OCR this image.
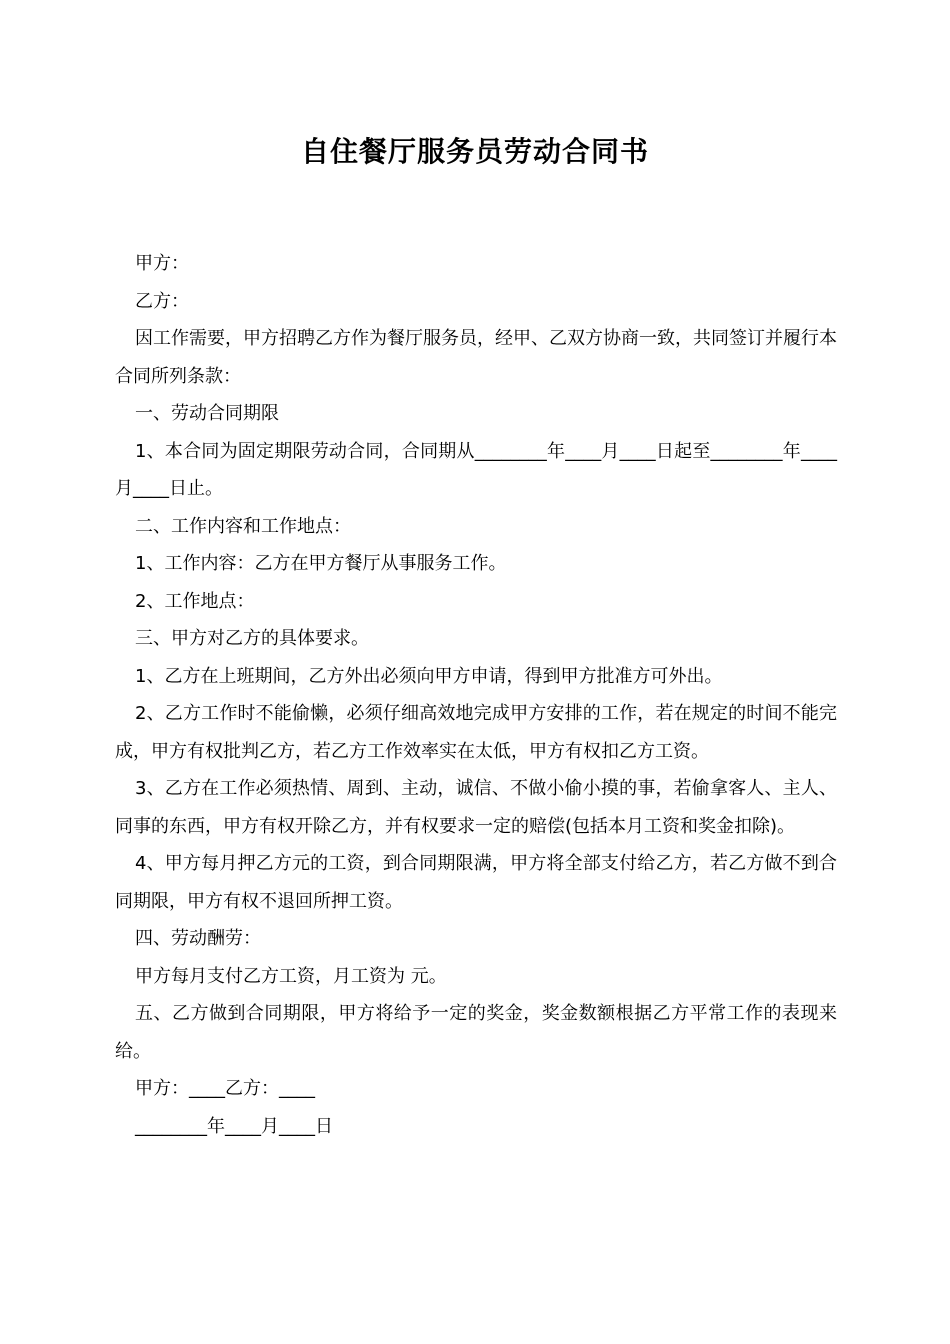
自住餐厅服务员劳动合同书

甲方：

乙方：

因工作需要，甲方招聘乙方作为餐厅服务员，经甲、乙双方协商一致，共同签订并履行本合同所列条款：

一、劳动合同期限

1、本合同为固定期限劳动合同，合同期从________年____月____日起至________年____月____日止。

二、工作内容和工作地点：

1、工作内容：乙方在甲方餐厅从事服务工作。

2、工作地点：

三、甲方对乙方的具体要求。

1、乙方在上班期间，乙方外出必须向甲方申请，得到甲方批准方可外出。

2、乙方工作时不能偷懒，必须仔细高效地完成甲方安排的工作，若在规定的时间不能完成，甲方有权批判乙方，若乙方工作效率实在太低，甲方有权扣乙方工资。

3、乙方在工作必须热情、周到、主动，诚信、不做小偷小摸的事，若偷拿客人、主人、同事的东西，甲方有权开除乙方，并有权要求一定的赔偿(包括本月工资和奖金扣除)。

4、甲方每月押乙方元的工资，到合同期限满，甲方将全部支付给乙方，若乙方做不到合同期限，甲方有权不退回所押工资。

四、劳动酬劳：

甲方每月支付乙方工资，月工资为 元。

五、乙方做到合同期限，甲方将给予一定的奖金，奖金数额根据乙方平常工作的表现来给。

甲方：____乙方：____

________年____月____日
